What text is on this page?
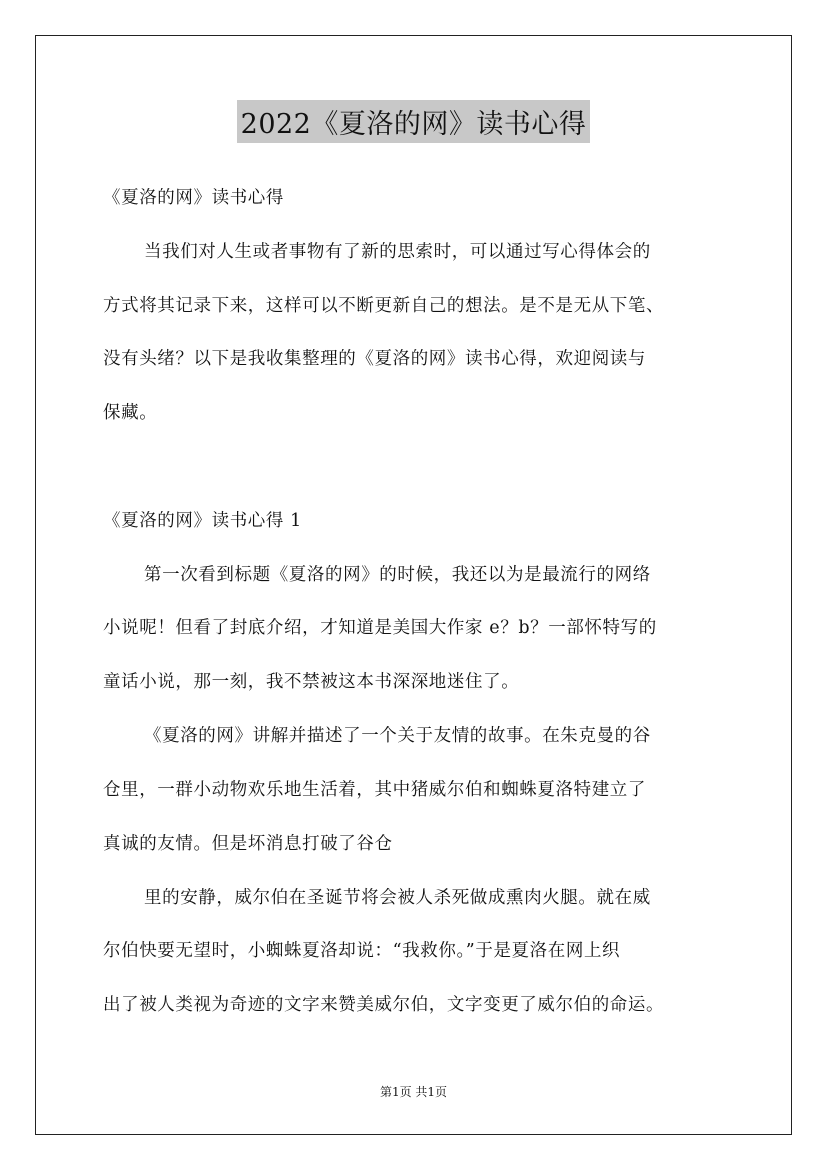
2022《夏洛的网》读书心得
《夏洛的网》读书心得
当我们对人生或者事物有了新的思索时，可以通过写心得体会的
方式将其记录下来，这样可以不断更新自己的想法。是不是无从下笔、
没有头绪？以下是我收集整理的《夏洛的网》读书心得，欢迎阅读与
保藏。
《夏洛的网》读书心得 1
第一次看到标题《夏洛的网》的时候，我还以为是最流行的网络
小说呢！但看了封底介绍，才知道是美国大作家 e？b？一部怀特写的
童话小说，那一刻，我不禁被这本书深深地迷住了。
《夏洛的网》讲解并描述了一个关于友情的故事。在朱克曼的谷
仓里，一群小动物欢乐地生活着，其中猪威尔伯和蜘蛛夏洛特建立了
真诚的友情。但是坏消息打破了谷仓
里的安静，威尔伯在圣诞节将会被人杀死做成熏肉火腿。就在威
尔伯快要无望时，小蜘蛛夏洛却说：“我救你。”于是夏洛在网上织
出了被人类视为奇迹的文字来赞美威尔伯，文字变更了威尔伯的命运。
第1页 共1页
